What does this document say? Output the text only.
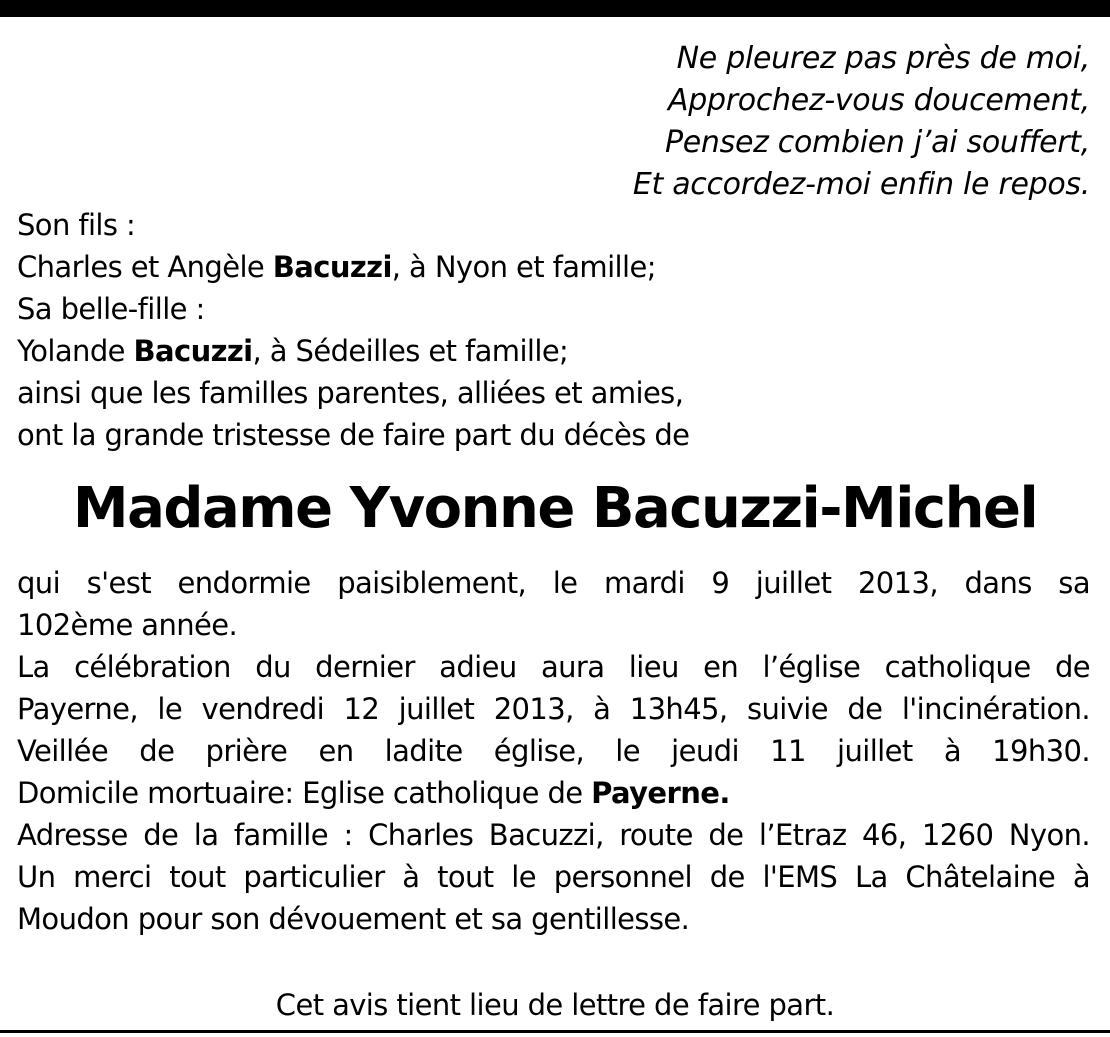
Ne pleurez pas près de moi,
Approchez-vous doucement,
Pensez combien j’ai souffert,
Et accordez-moi enfin le repos.
Son fils :
Charles et Angèle Bacuzzi, à Nyon et famille;
Sa belle-fille :
Yolande Bacuzzi, à Sédeilles et famille;
ainsi que les familles parentes, alliées et amies,
ont la grande tristesse de faire part du décès de
Madame Yvonne Bacuzzi-Michel
qui s'est endormie paisiblement, le mardi 9 juillet 2013, dans sa
102ème année.
La célébration du dernier adieu aura lieu en l’église catholique de
Payerne, le vendredi 12 juillet 2013, à 13h45, suivie de l'incinération.
Veillée de prière en ladite église, le jeudi 11 juillet à 19h30.
Domicile mortuaire: Eglise catholique de Payerne.
Adresse de la famille : Charles Bacuzzi, route de l’Etraz 46, 1260 Nyon.
Un merci tout particulier à tout le personnel de l'EMS La Châtelaine à
Moudon pour son dévouement et sa gentillesse.
Cet avis tient lieu de lettre de faire part.
